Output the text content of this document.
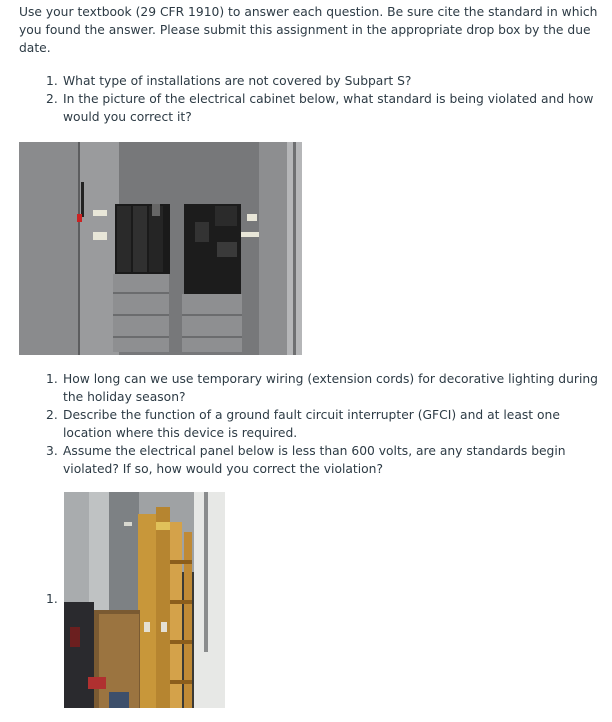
Use your textbook (29 CFR 1910) to answer each question. Be sure cite the standard in which you found the answer. Please submit this assignment in the appropriate drop box by the due date.

1. What type of installations are not covered by Subpart S?
2. In the picture of the electrical cabinet below, what standard is being violated and how would you correct it?
1. How long can we use temporary wiring (extension cords) for decorative lighting during the holiday season?
2. Describe the function of a ground fault circuit interrupter (GFCI) and at least one location where this device is required.
3. Assume the electrical panel below is less than 600 volts, are any standards begin violated? If so, how would you correct the violation?
1.
